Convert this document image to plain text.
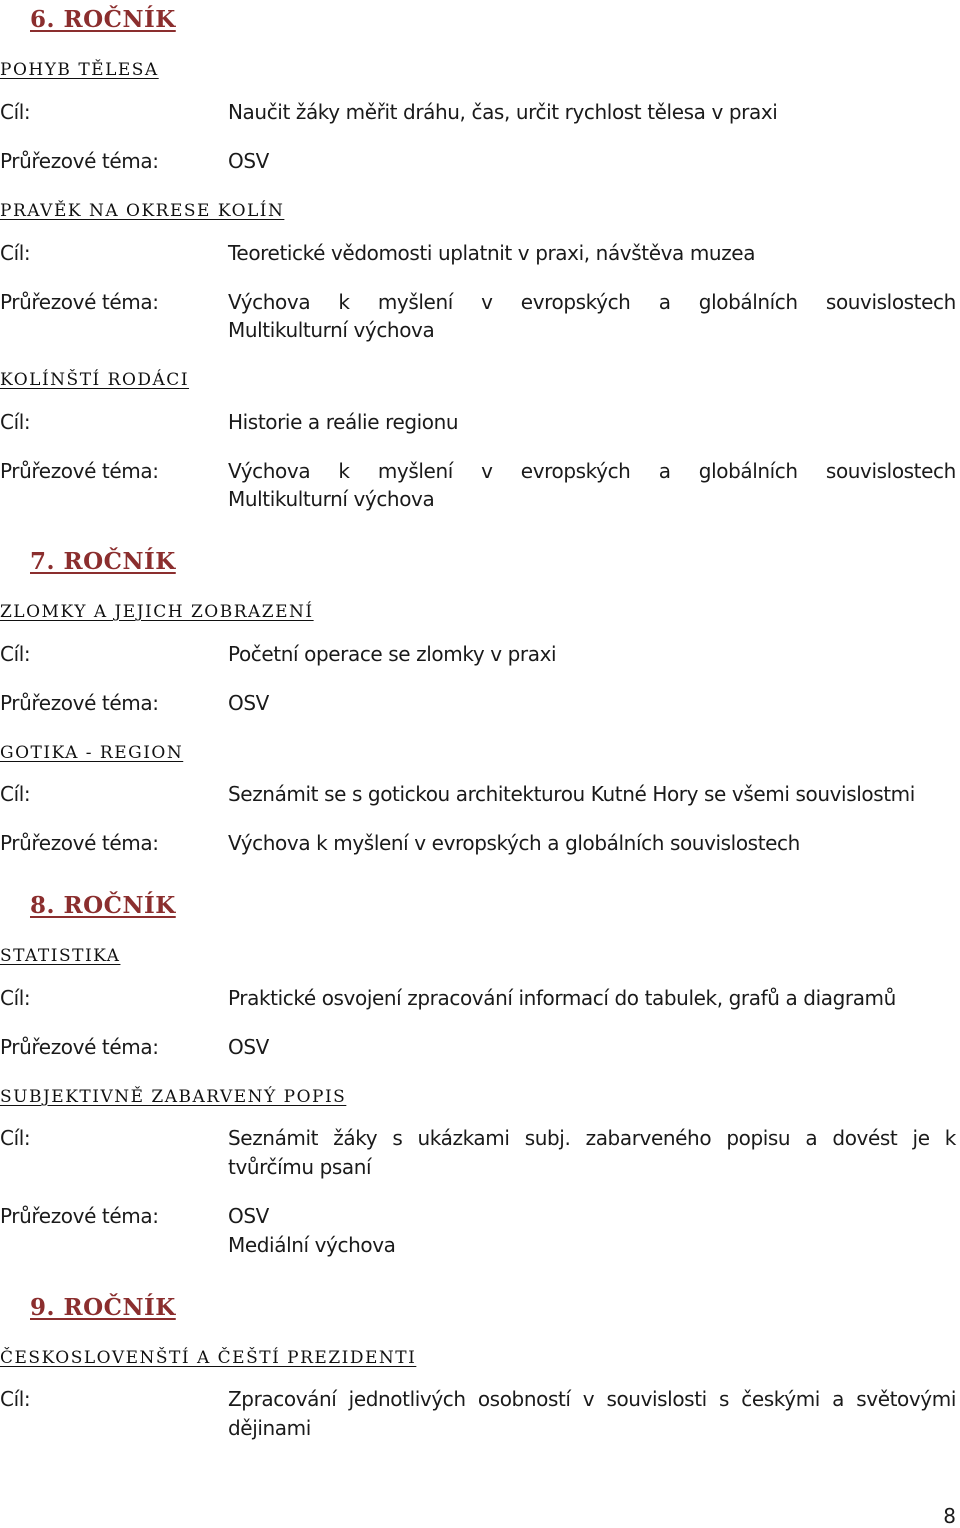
6. ROČNÍK
POHYB TĚLESA
Cíl:	Naučit žáky měřit dráhu, čas, určit rychlost tělesa v praxi
Průřezové téma:	OSV
PRAVĚK NA OKRESE KOLÍN
Cíl:	Teoretické vědomosti uplatnit v praxi, návštěva muzea
Průřezové téma:	Výchova k myšlení v evropských a globálních souvislostech
Multikulturní výchova
KOLÍNŠTÍ RODÁCI
Cíl:	Historie a reálie regionu
Průřezové téma:	Výchova k myšlení v evropských a globálních souvislostech
Multikulturní výchova
7. ROČNÍK
ZLOMKY A JEJICH ZOBRAZENÍ
Cíl:	Početní operace se zlomky v praxi
Průřezové téma:	OSV
GOTIKA - REGION
Cíl:	Seznámit se s gotickou architekturou Kutné Hory se všemi souvislostmi
Průřezové téma:	Výchova k myšlení v evropských a globálních souvislostech
8. ROČNÍK
STATISTIKA
Cíl:	Praktické osvojení zpracování informací do tabulek, grafů a diagramů
Průřezové téma:	OSV
SUBJEKTIVNĚ ZABARVENÝ POPIS
Cíl:	Seznámit žáky s ukázkami subj. zabarveného popisu a dovést je k
tvůrčímu psaní
Průřezové téma:	OSV
Mediální výchova
9. ROČNÍK
ČESKOSLOVENŠTÍ A ČEŠTÍ PREZIDENTI
Cíl:	Zpracování jednotlivých osobností v souvislosti s českými a světovými
dějinami
8
